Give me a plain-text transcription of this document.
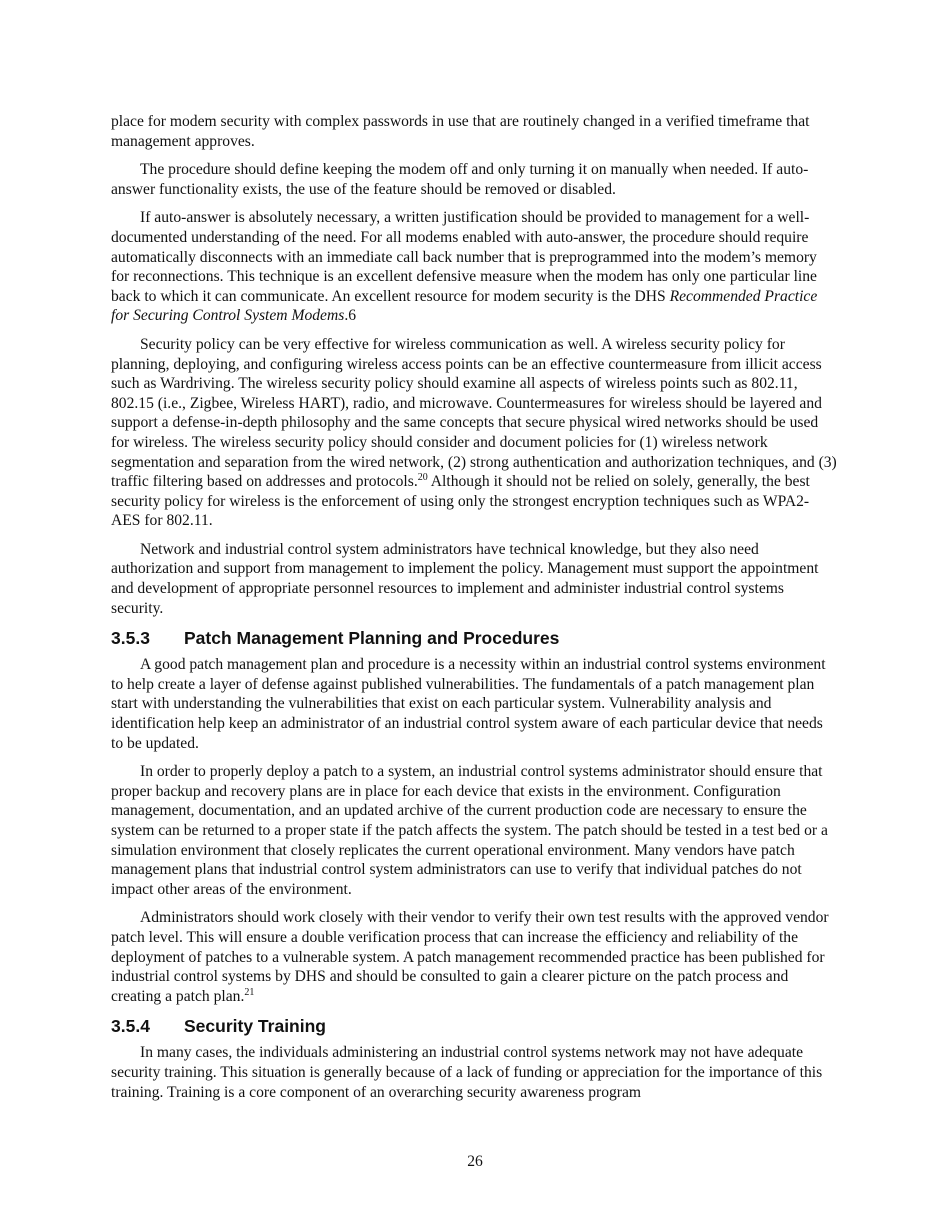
place for modem security with complex passwords in use that are routinely changed in a verified timeframe that management approves.

The procedure should define keeping the modem off and only turning it on manually when needed. If auto-answer functionality exists, the use of the feature should be removed or disabled.

If auto-answer is absolutely necessary, a written justification should be provided to management for a well-documented understanding of the need. For all modems enabled with auto-answer, the procedure should require automatically disconnects with an immediate call back number that is preprogrammed into the modem’s memory for reconnections. This technique is an excellent defensive measure when the modem has only one particular line back to which it can communicate. An excellent resource for modem security is the DHS Recommended Practice for Securing Control System Modems.6

Security policy can be very effective for wireless communication as well. A wireless security policy for planning, deploying, and configuring wireless access points can be an effective countermeasure from illicit access such as Wardriving. The wireless security policy should examine all aspects of wireless points such as 802.11, 802.15 (i.e., Zigbee, Wireless HART), radio, and microwave. Countermeasures for wireless should be layered and support a defense-in-depth philosophy and the same concepts that secure physical wired networks should be used for wireless. The wireless security policy should consider and document policies for (1) wireless network segmentation and separation from the wired network, (2) strong authentication and authorization techniques, and (3) traffic filtering based on addresses and protocols.$^{20}$ Although it should not be relied on solely, generally, the best security policy for wireless is the enforcement of using only the strongest encryption techniques such as WPA2-AES for 802.11.

Network and industrial control system administrators have technical knowledge, but they also need authorization and support from management to implement the policy. Management must support the appointment and development of appropriate personnel resources to implement and administer industrial control systems security.

3.5.3 Patch Management Planning and Procedures

A good patch management plan and procedure is a necessity within an industrial control systems environment to help create a layer of defense against published vulnerabilities. The fundamentals of a patch management plan start with understanding the vulnerabilities that exist on each particular system. Vulnerability analysis and identification help keep an administrator of an industrial control system aware of each particular device that needs to be updated.

In order to properly deploy a patch to a system, an industrial control systems administrator should ensure that proper backup and recovery plans are in place for each device that exists in the environment. Configuration management, documentation, and an updated archive of the current production code are necessary to ensure the system can be returned to a proper state if the patch affects the system. The patch should be tested in a test bed or a simulation environment that closely replicates the current operational environment. Many vendors have patch management plans that industrial control system administrators can use to verify that individual patches do not impact other areas of the environment.

Administrators should work closely with their vendor to verify their own test results with the approved vendor patch level. This will ensure a double verification process that can increase the efficiency and reliability of the deployment of patches to a vulnerable system. A patch management recommended practice has been published for industrial control systems by DHS and should be consulted to gain a clearer picture on the patch process and creating a patch plan.$^{21}$

3.5.4 Security Training

In many cases, the individuals administering an industrial control systems network may not have adequate security training. This situation is generally because of a lack of funding or appreciation for the importance of this training. Training is a core component of an overarching security awareness program

26
